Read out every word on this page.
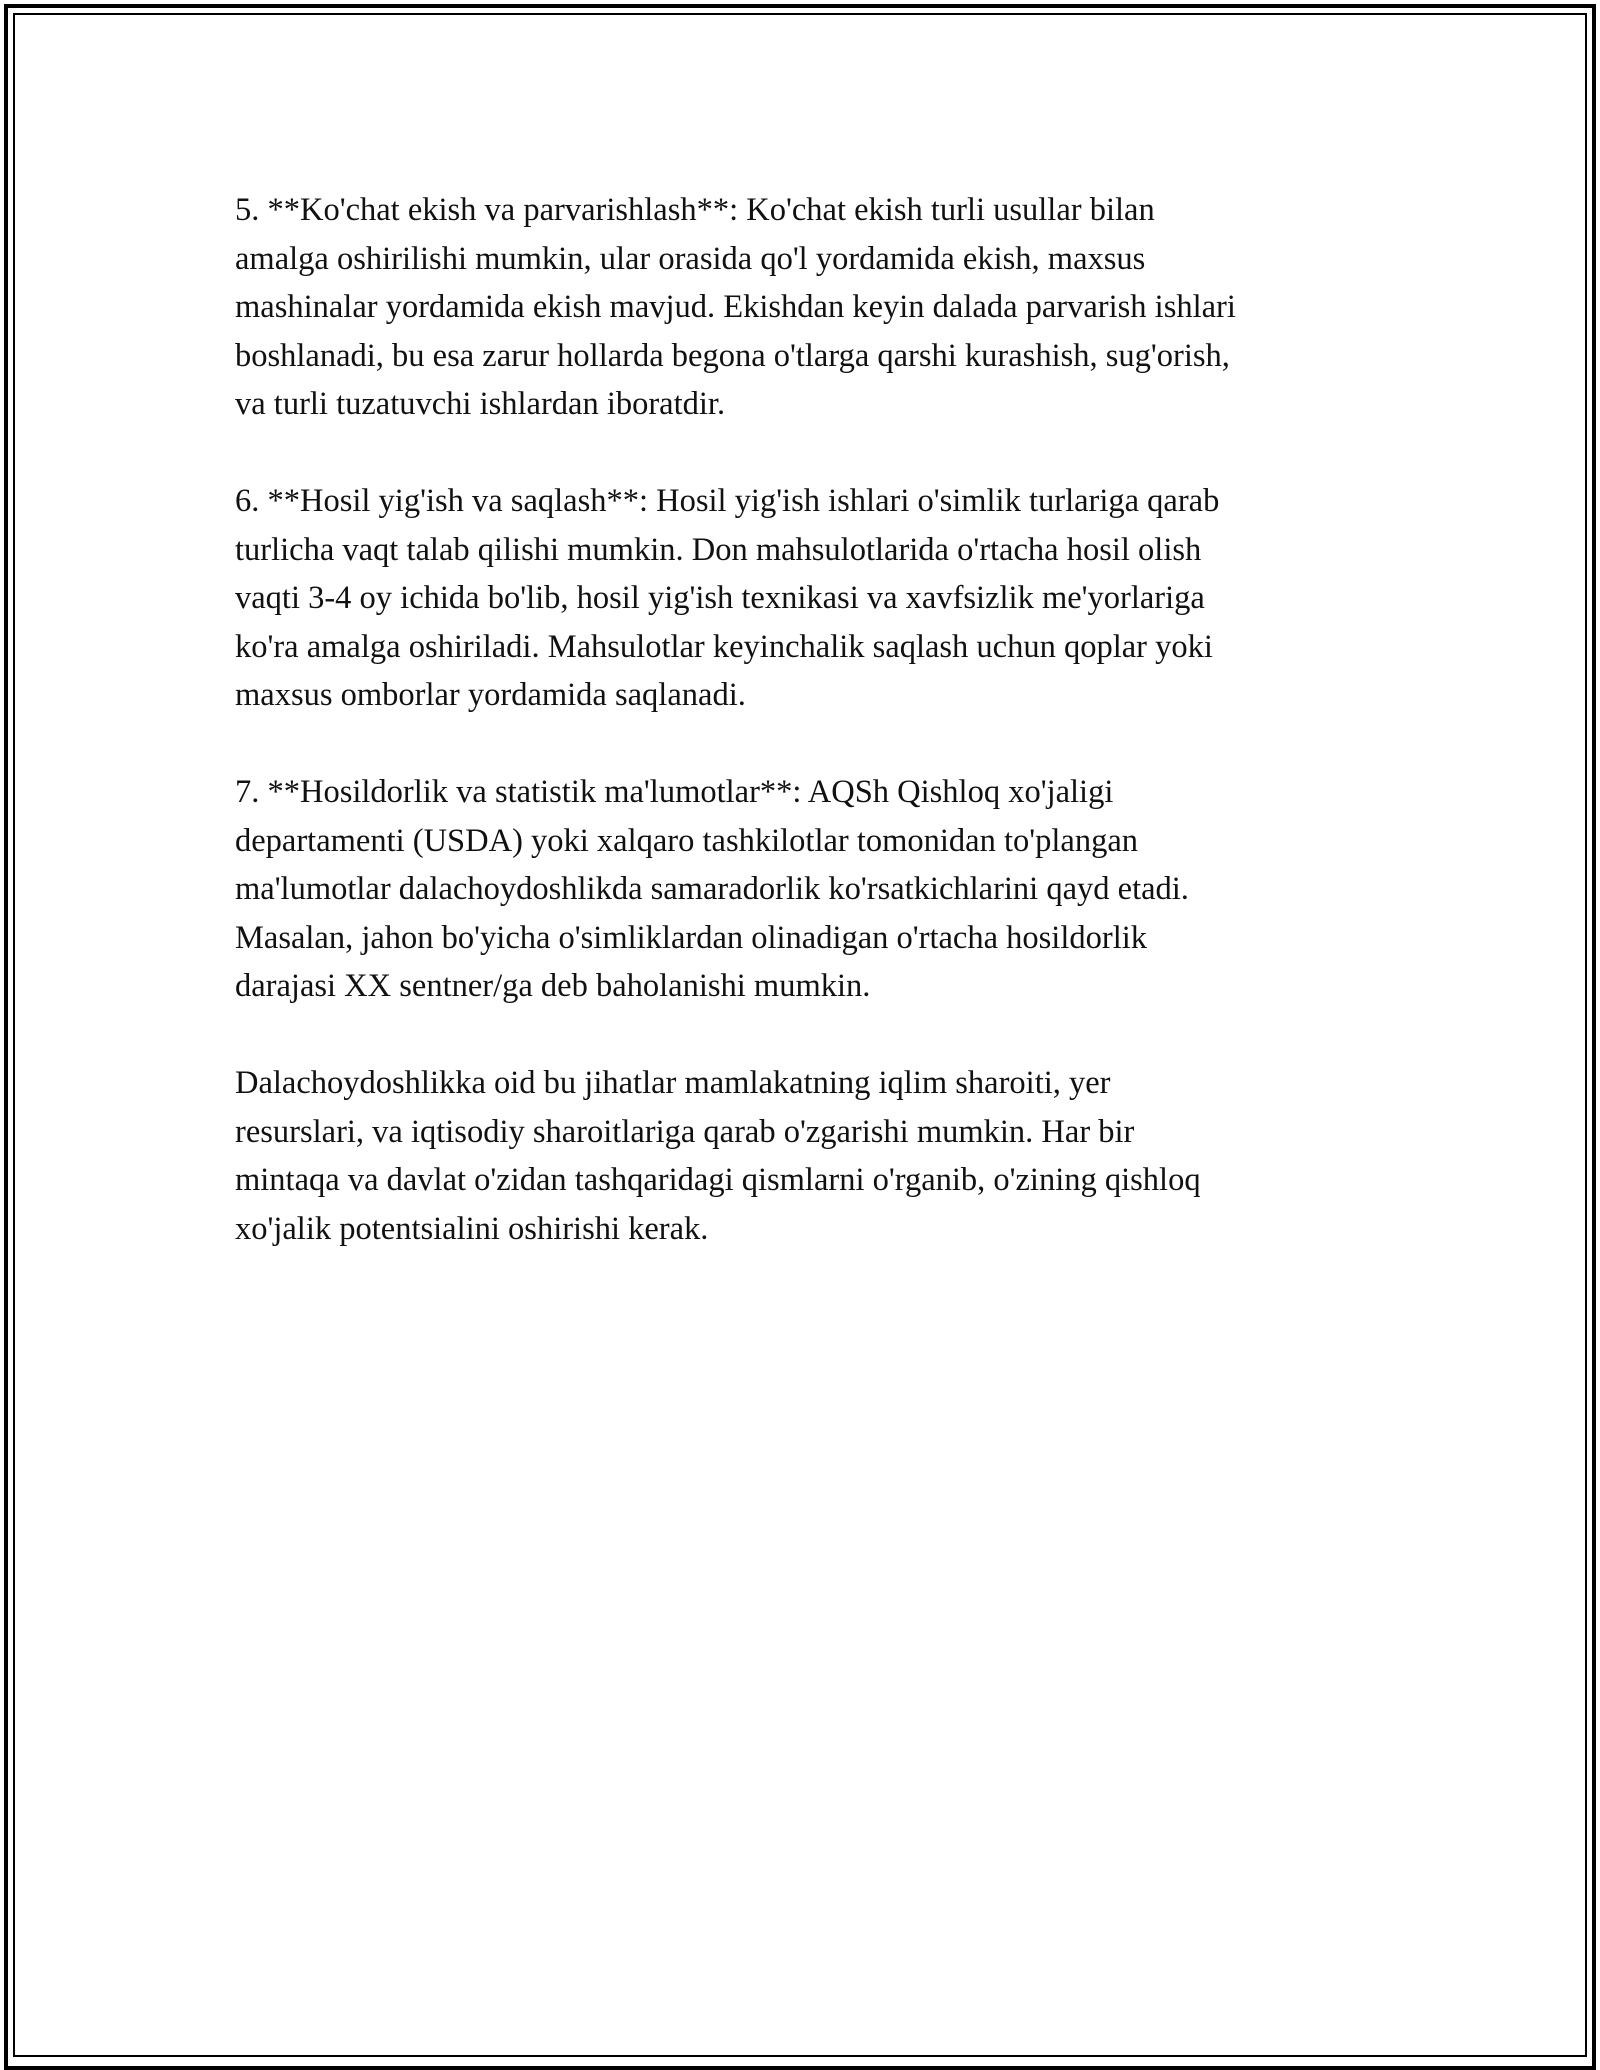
5. **Ko'chat ekish va parvarishlash**: Ko'chat ekish turli usullar bilan
amalga oshirilishi mumkin, ular orasida qo'l yordamida ekish, maxsus
mashinalar yordamida ekish mavjud. Ekishdan keyin dalada parvarish ishlari
boshlanadi, bu esa zarur hollarda begona o'tlarga qarshi kurashish, sug'orish,
va turli tuzatuvchi ishlardan iboratdir.

6. **Hosil yig'ish va saqlash**: Hosil yig'ish ishlari o'simlik turlariga qarab
turlicha vaqt talab qilishi mumkin. Don mahsulotlarida o'rtacha hosil olish
vaqti 3-4 oy ichida bo'lib, hosil yig'ish texnikasi va xavfsizlik me'yorlariga
ko'ra amalga oshiriladi. Mahsulotlar keyinchalik saqlash uchun qoplar yoki
maxsus omborlar yordamida saqlanadi.

7. **Hosildorlik va statistik ma'lumotlar**: AQSh Qishloq xo'jaligi
departamenti (USDA) yoki xalqaro tashkilotlar tomonidan to'plangan
ma'lumotlar dalachoydoshlikda samaradorlik ko'rsatkichlarini qayd etadi.
Masalan, jahon bo'yicha o'simliklardan olinadigan o'rtacha hosildorlik
darajasi XX sentner/ga deb baholanishi mumkin.

Dalachoydoshlikka oid bu jihatlar mamlakatning iqlim sharoiti, yer
resurslari, va iqtisodiy sharoitlariga qarab o'zgarishi mumkin. Har bir
mintaqa va davlat o'zidan tashqaridagi qismlarni o'rganib, o'zining qishloq
xo'jalik potentsialini oshirishi kerak.
